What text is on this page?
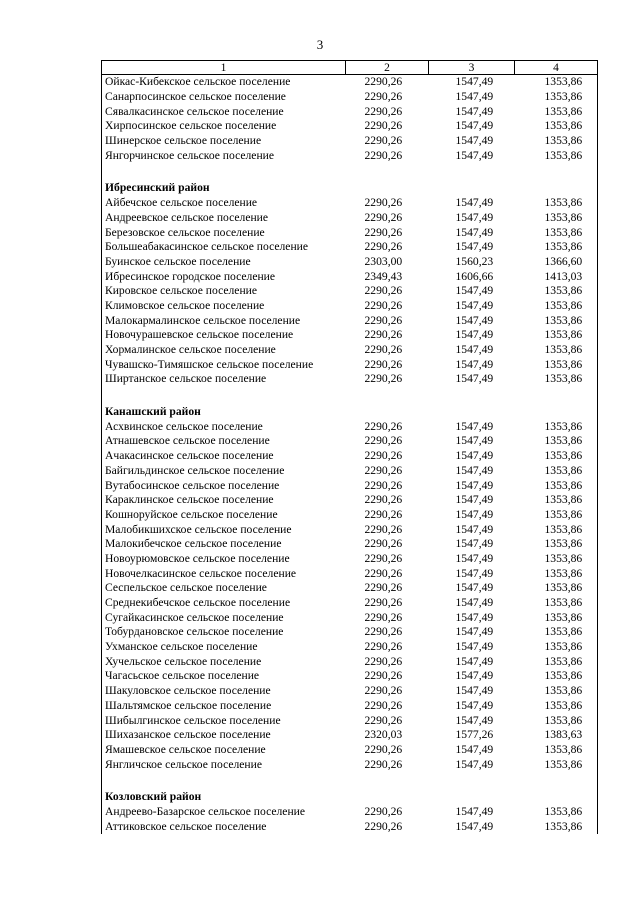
3
1	2	3	4
Ойкас-Кибекское сельское поселение	2290,26	1547,49	1353,86
Санарпосинское сельское поселение	2290,26	1547,49	1353,86
Сявалкасинское сельское поселение	2290,26	1547,49	1353,86
Хирпосинское сельское поселение	2290,26	1547,49	1353,86
Шинерское сельское поселение	2290,26	1547,49	1353,86
Янгорчинское сельское поселение	2290,26	1547,49	1353,86

Ибресинский район			
Айбечское сельское поселение	2290,26	1547,49	1353,86
Андреевское сельское поселение	2290,26	1547,49	1353,86
Березовское сельское поселение	2290,26	1547,49	1353,86
Большеабакасинское сельское поселение	2290,26	1547,49	1353,86
Буинское сельское поселение	2303,00	1560,23	1366,60
Ибресинское городское поселение	2349,43	1606,66	1413,03
Кировское сельское поселение	2290,26	1547,49	1353,86
Климовское сельское поселение	2290,26	1547,49	1353,86
Малокармалинское сельское поселение	2290,26	1547,49	1353,86
Новочурашевское сельское поселение	2290,26	1547,49	1353,86
Хормалинское сельское поселение	2290,26	1547,49	1353,86
Чувашско-Тимяшское сельское поселение	2290,26	1547,49	1353,86
Ширтанское сельское поселение	2290,26	1547,49	1353,86

Канашский район			
Асхвинское сельское поселение	2290,26	1547,49	1353,86
Атнашевское сельское поселение	2290,26	1547,49	1353,86
Ачакасинское сельское поселение	2290,26	1547,49	1353,86
Байгильдинское сельское поселение	2290,26	1547,49	1353,86
Вутабосинское сельское поселение	2290,26	1547,49	1353,86
Караклинское сельское поселение	2290,26	1547,49	1353,86
Кошноруйское сельское поселение	2290,26	1547,49	1353,86
Малобикшихское сельское поселение	2290,26	1547,49	1353,86
Малокибечское сельское поселение	2290,26	1547,49	1353,86
Новоурюмовское сельское поселение	2290,26	1547,49	1353,86
Новочелкасинское сельское поселение	2290,26	1547,49	1353,86
Сеспельское сельское поселение	2290,26	1547,49	1353,86
Среднекибечское сельское поселение	2290,26	1547,49	1353,86
Сугайкасинское сельское поселение	2290,26	1547,49	1353,86
Тобурдановское сельское поселение	2290,26	1547,49	1353,86
Ухманское сельское поселение	2290,26	1547,49	1353,86
Хучельское сельское поселение	2290,26	1547,49	1353,86
Чагасьское сельское поселение	2290,26	1547,49	1353,86
Шакуловское сельское поселение	2290,26	1547,49	1353,86
Шальтямское сельское поселение	2290,26	1547,49	1353,86
Шибылгинское сельское поселение	2290,26	1547,49	1353,86
Шихазанское сельское поселение	2320,03	1577,26	1383,63
Ямашевское сельское поселение	2290,26	1547,49	1353,86
Янгличское сельское поселение	2290,26	1547,49	1353,86

Козловский район			
Андреево-Базарское сельское поселение	2290,26	1547,49	1353,86
Аттиковское сельское поселение	2290,26	1547,49	1353,86
